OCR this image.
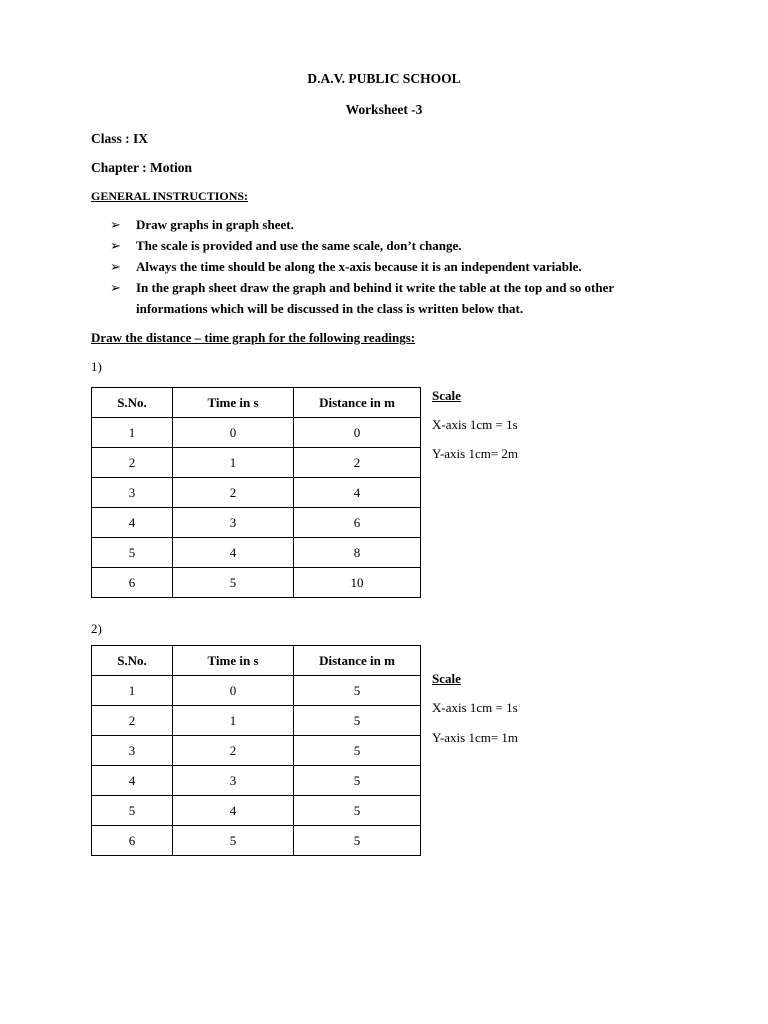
D.A.V. PUBLIC SCHOOL
Worksheet -3
Class : IX
Chapter : Motion
GENERAL INSTRUCTIONS:
➢ Draw graphs in graph sheet.
➢ The scale is provided and use the same scale, don’t change.
➢ Always the time should be along the x-axis because it is an independent variable.
➢ In the graph sheet draw the graph and behind it write the table at the top and so other informations which will be discussed in the class is written below that.
Draw the distance – time graph for the following readings:
1)
S.No.	Time in s	Distance in m
1	0	0
2	1	2
3	2	4
4	3	6
5	4	8
6	5	10
Scale
X-axis 1cm = 1s
Y-axis 1cm= 2m
2)
S.No.	Time in s	Distance in m
1	0	5
2	1	5
3	2	5
4	3	5
5	4	5
6	5	5
Scale
X-axis 1cm = 1s
Y-axis 1cm= 1m
